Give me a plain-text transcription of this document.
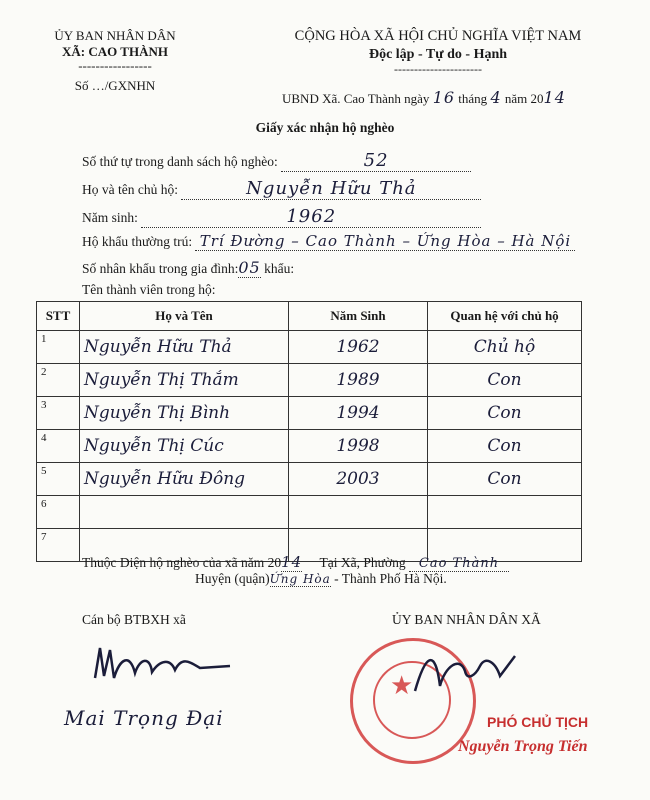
ỦY BAN NHÂN DÂN
XÃ: CAO THÀNH
-----------------
Số …/GXNHN
CỘNG HÒA XÃ HỘI CHỦ NGHĨA VIỆT NAM
Độc lập - Tự do - Hạnh
----------------------
UBND Xã. Cao Thành ngày 16 tháng 4 năm 2014
Giấy xác nhận hộ nghèo
Số thứ tự trong danh sách hộ nghèo:	52
Họ và tên chủ hộ:	Nguyễn Hữu Thả
Năm sinh:	1962
Hộ khẩu thường trú: Trí Đường – Cao Thành – Ứng Hòa – Hà Nội
Số nhân khẩu trong gia đình:05 khẩu:
Tên thành viên trong hộ:
STT	Họ và Tên	Năm Sinh	Quan hệ với chủ hộ
1	Nguyễn Hữu Thả	1962	Chủ hộ
2	Nguyễn Thị Thắm	1989	Con
3	Nguyễn Thị Bình	1994	Con
4	Nguyễn Thị Cúc	1998	Con
5	Nguyễn Hữu Đông	2003	Con
6			
7			
Thuộc Diện hộ nghèo của xã năm 2014 Tại Xã, Phường Cao Thành
Huyện (quận)Ứng Hòa - Thành Phố Hà Nội.
Cán bộ BTBXH xã
Mai Trọng Đại
ỦY BAN NHÂN DÂN XÃ
★
PHÓ CHỦ TỊCH
Nguyễn Trọng Tiến
